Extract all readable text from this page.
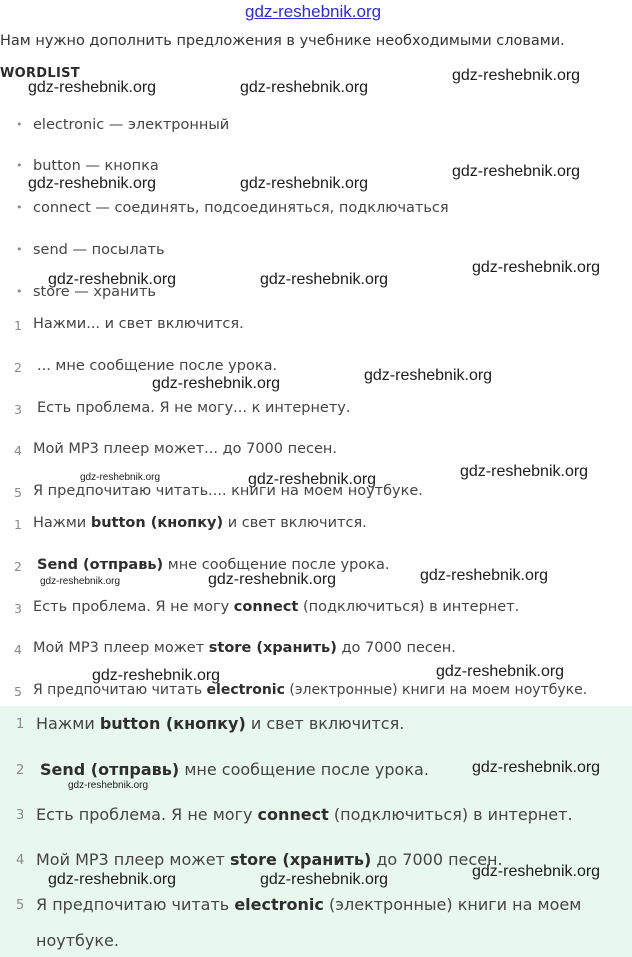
gdz-reshebnik.org
Нам нужно дополнить предложения в учебнике необходимыми словами.
WORDLIST
• electronic — электронный
• button — кнопка
• connect — соединять, подсоединяться, подключаться
• send — посылать
• store — хранить
1 Нажми... и свет включится.
2 ... мне сообщение после урока.
3 Есть проблема. Я не могу... к интернету.
4 Мой MP3 плеер может... до 7000 песен.
5 Я предпочитаю читать.... книги на моем ноутбуке.
1 Нажми button (кнопку) и свет включится.
2 Send (отправь) мне сообщение после урока.
3 Есть проблема. Я не могу connect (подключиться) в интернет.
4 Мой MP3 плеер может store (хранить) до 7000 песен.
5 Я предпочитаю читать electronic (электронные) книги на моем ноутбуке.
1 Нажми button (кнопку) и свет включится.
2 Send (отправь) мне сообщение после урока.
3 Есть проблема. Я не могу connect (подключиться) в интернет.
4 Мой MP3 плеер может store (хранить) до 7000 песен.
5 Я предпочитаю читать electronic (электронные) книги на моем
ноутбуке.
gdz-reshebnik.org
gdz-reshebnik.org	gdz-reshebnik.org
gdz-reshebnik.org
gdz-reshebnik.org	gdz-reshebnik.org
gdz-reshebnik.org
gdz-reshebnik.org	gdz-reshebnik.org
gdz-reshebnik.org
gdz-reshebnik.org
gdz-reshebnik.org
gdz-reshebnik.org	gdz-reshebnik.org
gdz-reshebnik.org
gdz-reshebnik.org	gdz-reshebnik.org
gdz-reshebnik.org
gdz-reshebnik.org
gdz-reshebnik.org
gdz-reshebnik.org
gdz-reshebnik.org
gdz-reshebnik.org	gdz-reshebnik.org
